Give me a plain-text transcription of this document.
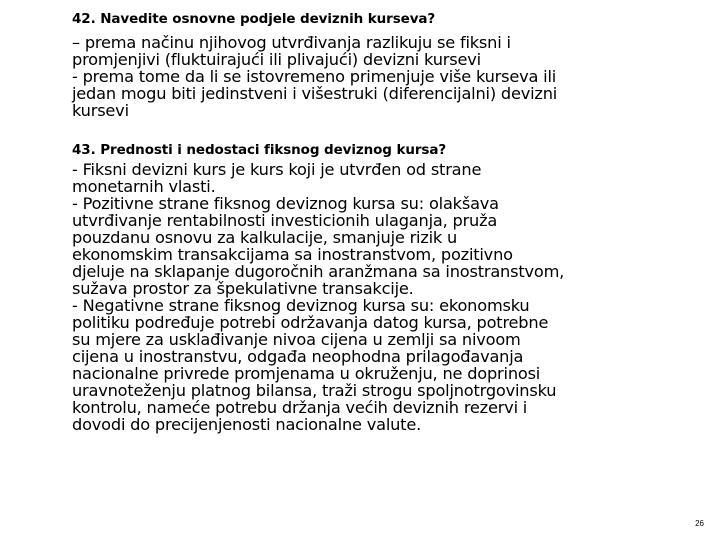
42. Navedite osnovne podjele deviznih kurseva?

– prema načinu njihovog utvrđivanja razlikuju se fiksni i
promjenjivi (fluktuirajući ili plivajući) devizni kursevi
- prema tome da li se istovremeno primenjuje više kurseva ili
jedan mogu biti jedinstveni i višestruki (diferencijalni) devizni
kursevi

43. Prednosti i nedostaci fiksnog deviznog kursa?

- Fiksni devizni kurs je kurs koji je utvrđen od strane
monetarnih vlasti.
- Pozitivne strane fiksnog deviznog kursa su: olakšava
utvrđivanje rentabilnosti investicionih ulaganja, pruža
pouzdanu osnovu za kalkulacije, smanjuje rizik u
ekonomskim transakcijama sa inostranstvom, pozitivno
djeluje na sklapanje dugoročnih aranžmana sa inostranstvom,
sužava prostor za špekulativne transakcije.
- Negativne strane fiksnog deviznog kursa su: ekonomsku
politiku podređuje potrebi održavanja datog kursa, potrebne
su mjere za usklađivanje nivoa cijena u zemlji sa nivoom
cijena u inostranstvu, odgađa neophodna prilagođavanja
nacionalne privrede promjenama u okruženju, ne doprinosi
uravnoteženju platnog bilansa, traži strogu spoljnotrgovinsku
kontrolu, nameće potrebu držanja većih deviznih rezervi i
dovodi do precijenjenosti nacionalne valute.

26
